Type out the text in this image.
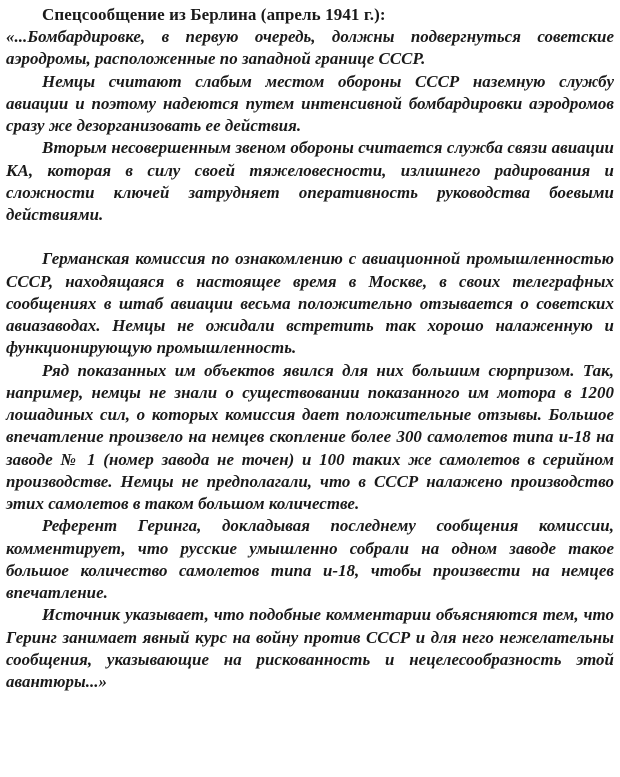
Спецсообщение из Берлина (апрель 1941 г.):

«...Бомбардировке, в первую очередь, должны подвергнуться советские аэродромы, расположенные по западной границе СССР.

Немцы считают слабым местом обороны СССР наземную службу авиации и поэтому надеются путем интенсивной бомбардировки аэродромов сразу же дезорганизовать ее действия.

Вторым несовершенным звеном обороны считается служба связи авиации КА, которая в силу своей тяжеловесности, излишнего радирования и сложности ключей затрудняет оперативность руководства боевыми действиями.

Германская комиссия по ознакомлению с авиационной промышленностью СССР, находящаяся в настоящее время в Москве, в своих телеграфных сообщениях в штаб авиации весьма положительно отзывается о советских авиазаводах. Немцы не ожидали встретить так хорошо налаженную и функционирующую промышленность.

Ряд показанных им объектов явился для них большим сюрпризом. Так, например, немцы не знали о существовании показанного им мотора в 1200 лошадиных сил, о которых комиссия дает положительные отзывы. Большое впечатление произвело на немцев скопление более 300 самолетов типа и-18 на заводе № 1 (номер завода не точен) и 100 таких же самолетов в серийном производстве. Немцы не предполагали, что в СССР налажено производство этих самолетов в таком большом количестве.

Референт Геринга, докладывая последнему сообщения комиссии, комментирует, что русские умышленно собрали на одном заводе такое большое количество самолетов типа и-18, чтобы произвести на немцев впечатление.

Источник указывает, что подобные комментарии объясняются тем, что Геринг занимает явный курс на войну против СССР и для него нежелательны сообщения, указывающие на рискованность и нецелесообразность этой авантюры...»
